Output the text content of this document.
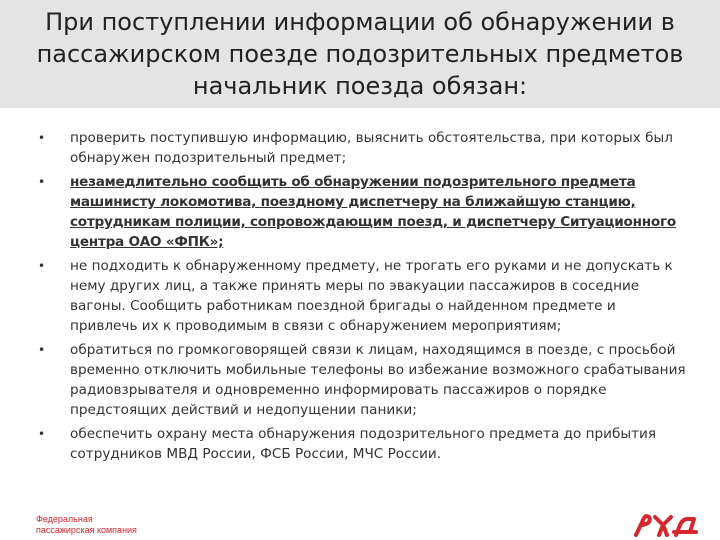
При поступлении информации об обнаружении в пассажирском поезде подозрительных предметов начальник поезда обязан:
• проверить поступившую информацию, выяснить обстоятельства, при которых был обнаружен подозрительный предмет;
• незамедлительно сообщить об обнаружении подозрительного предмета машинисту локомотива, поездному диспетчеру на ближайшую станцию, сотрудникам полиции, сопровождающим поезд, и диспетчеру Ситуационного центра ОАО «ФПК»;
• не подходить к обнаруженному предмету, не трогать его руками и не допускать к нему других лиц, а также принять меры по эвакуации пассажиров в соседние вагоны. Сообщить работникам поездной бригады о найденном предмете и привлечь их к проводимым в связи с обнаружением мероприятиям;
• обратиться по громкоговорящей связи к лицам, находящимся в поезде, с просьбой временно отключить мобильные телефоны во избежание возможного срабатывания радиовзрывателя и одновременно информировать пассажиров о порядке предстоящих действий и недопущении паники;
• обеспечить охрану места обнаружения подозрительного предмета до прибытия сотрудников МВД России, ФСБ России, МЧС России.
Федеральная
пассажирская компания
